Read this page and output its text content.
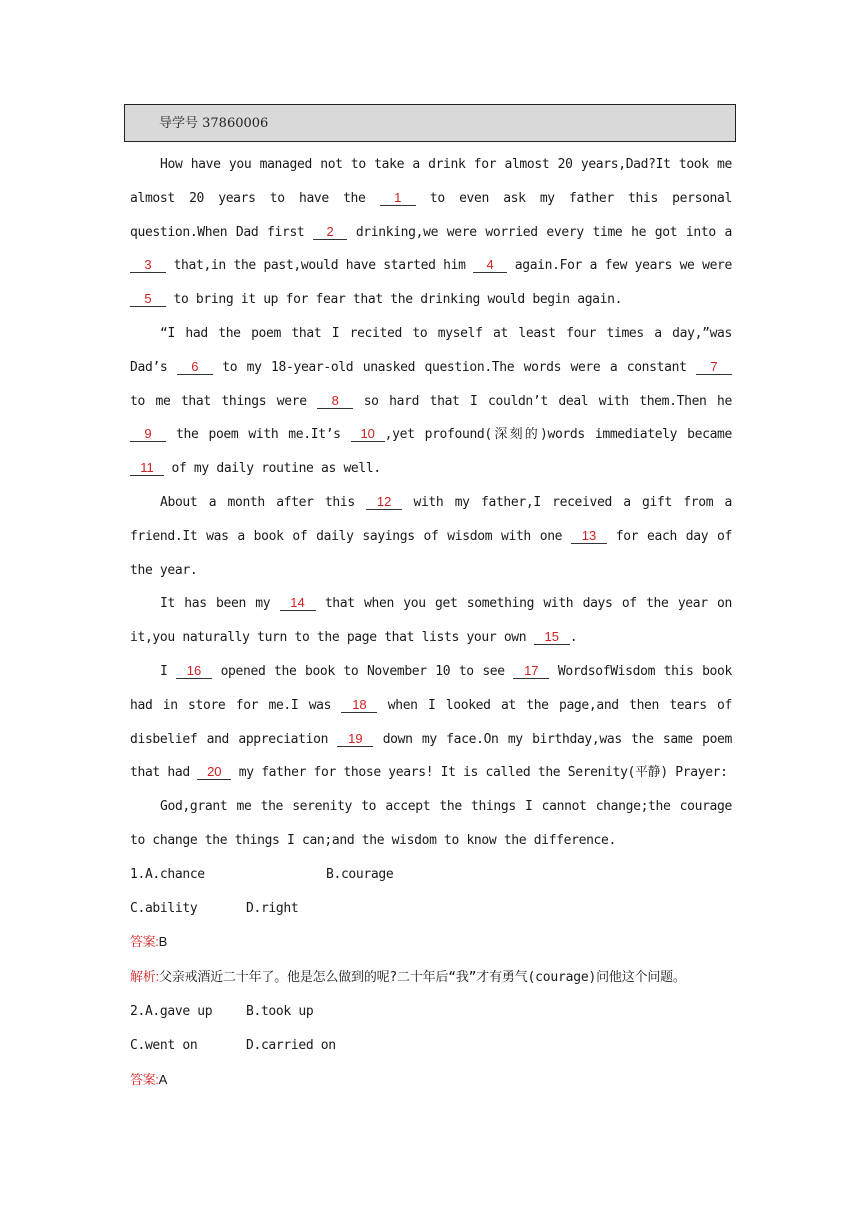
导学号 37860006

How have you managed not to take a drink for almost 20 years,Dad?It took me almost 20 years to have the 1 to even ask my father this personal question.When Dad first 2 drinking,we were worried every time he got into a 3 that,in the past,would have started him 4 again.For a few years we were 5 to bring it up for fear that the drinking would begin again.

“I had the poem that I recited to myself at least four times a day,”was Dad’s 6 to my 18-year-old unasked question.The words were a constant 7 to me that things were 8 so hard that I couldn’t deal with them.Then he 9 the poem with me.It’s 10 ,yet profound(深刻的)words immediately became 11 of my daily routine as well.

About a month after this 12 with my father,I received a gift from a friend.It was a book of daily sayings of wisdom with one 13 for each day of the year.

It has been my 14 that when you get something with days of the year on it,you naturally turn to the page that lists your own 15 .

I 16 opened the book to November 10 to see 17 WordsofWisdom this book had in store for me.I was 18 when I looked at the page,and then tears of disbelief and appreciation 19 down my face.On my birthday,was the same poem that had 20 my father for those years! It is called the Serenity(平静) Prayer:

God,grant me the serenity to accept the things I cannot change;the courage to change the things I can;and the wisdom to know the difference.

1.A.chance	B.courage
C.ability	D.right
答案:B

解析:父亲戒酒近二十年了。他是怎么做到的呢?二十年后“我”才有勇气(courage)问他这个问题。

2.A.gave up	B.took up
C.went on	D.carried on
答案:A
